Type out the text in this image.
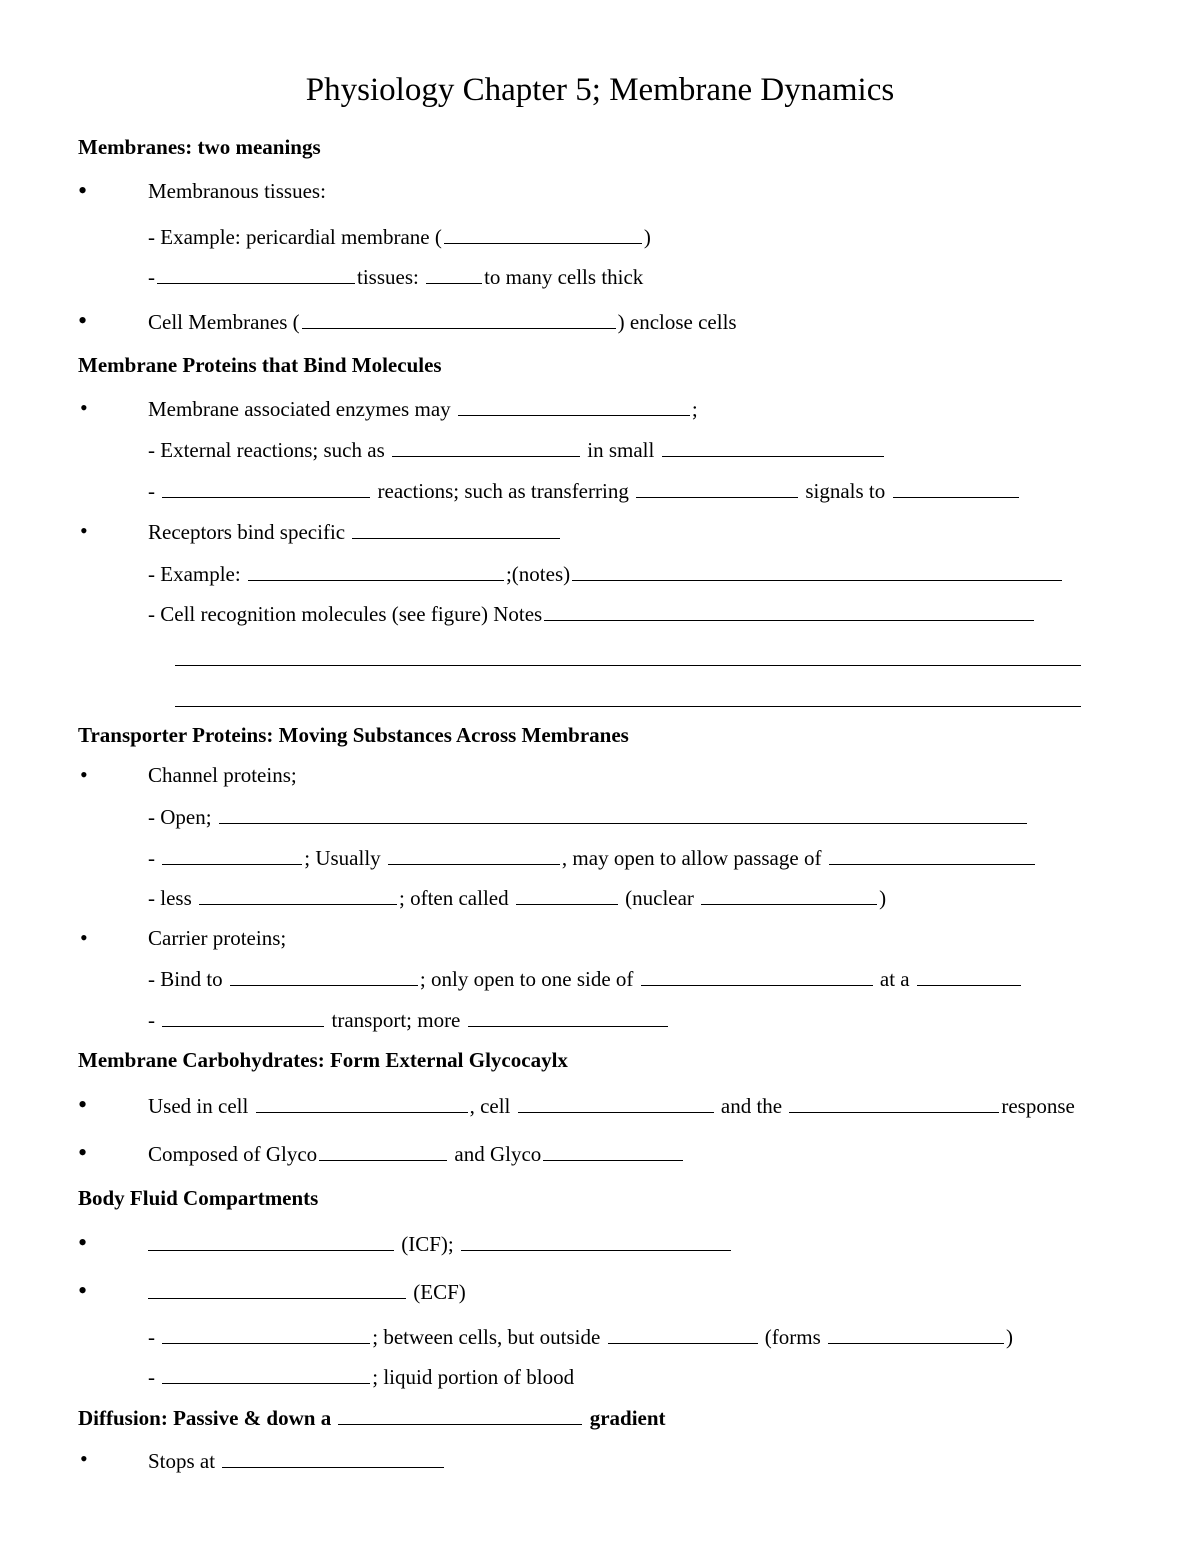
Physiology Chapter 5; Membrane Dynamics
Membranes: two meanings
•	Membranous tissues:
- Example: pericardial membrane (	)
-	tissues:	to many cells thick
•	Cell Membranes (	) enclose cells
Membrane Proteins that Bind Molecules
•	Membrane associated enzymes may	;
- External reactions; such as	in small
-	reactions; such as transferring	signals to
•	Receptors bind specific
- Example:	;(notes)
- Cell recognition molecules (see figure) Notes
Transporter Proteins: Moving Substances Across Membranes
•	Channel proteins;
- Open;
-	; Usually	, may open to allow passage of
- less	; often called	(nuclear	)
•	Carrier proteins;
- Bind to	; only open to one side of	at a
-	transport; more
Membrane Carbohydrates: Form External Glycocaylx
•	Used in cell	, cell	and the	response
•	Composed of Glyco	and Glyco
Body Fluid Compartments
•	(ICF);
•	(ECF)
-	; between cells, but outside	(forms	)
-	; liquid portion of blood
Diffusion: Passive & down a	gradient
•	Stops at
